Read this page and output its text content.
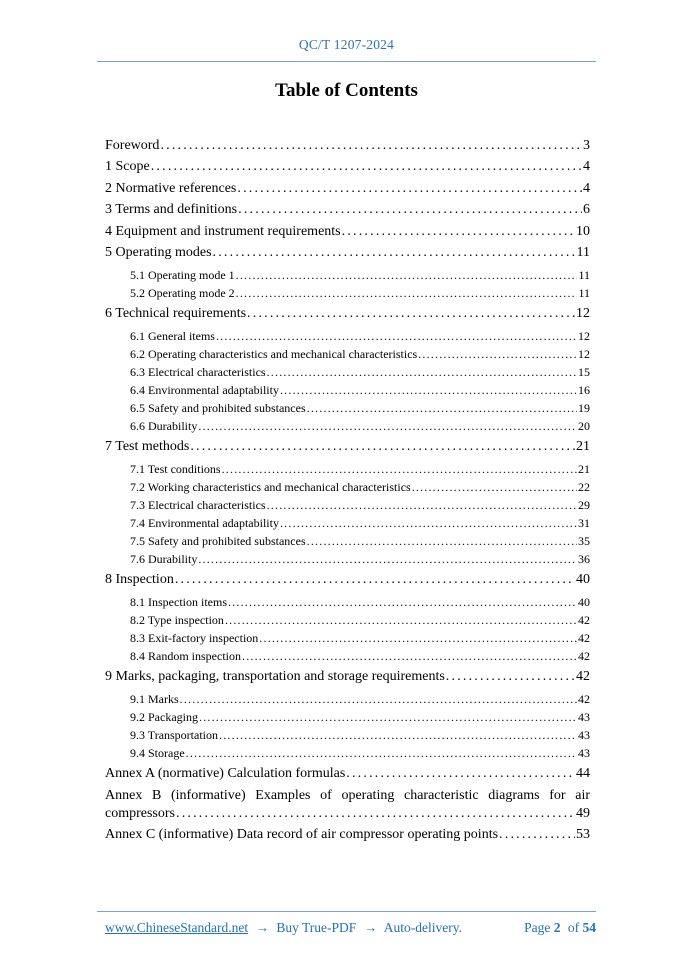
QC/T 1207-2024
Table of Contents
Foreword .....	3
1 Scope .....	4
2 Normative references .....	4
3 Terms and definitions .....	6
4 Equipment and instrument requirements .....	10
5 Operating modes .....	11
5.1 Operating mode 1 .....	11
5.2 Operating mode 2 .....	11
6 Technical requirements .....	12
6.1 General items .....	12
6.2 Operating characteristics and mechanical characteristics .....	12
6.3 Electrical characteristics .....	15
6.4 Environmental adaptability .....	16
6.5 Safety and prohibited substances .....	19
6.6 Durability .....	20
7 Test methods .....	21
7.1 Test conditions .....	21
7.2 Working characteristics and mechanical characteristics .....	22
7.3 Electrical characteristics .....	29
7.4 Environmental adaptability .....	31
7.5 Safety and prohibited substances .....	35
7.6 Durability .....	36
8 Inspection .....	40
8.1 Inspection items .....	40
8.2 Type inspection .....	42
8.3 Exit-factory inspection .....	42
8.4 Random inspection .....	42
9 Marks, packaging, transportation and storage requirements .....	42
9.1 Marks .....	42
9.2 Packaging .....	43
9.3 Transportation .....	43
9.4 Storage .....	43
Annex A (normative) Calculation formulas .....	44
Annex B (informative) Examples of operating characteristic diagrams for air
compressors .....	49
Annex C (informative) Data record of air compressor operating points .....	53
www.ChineseStandard.net → Buy True-PDF → Auto-delivery.	Page 2 of 54
